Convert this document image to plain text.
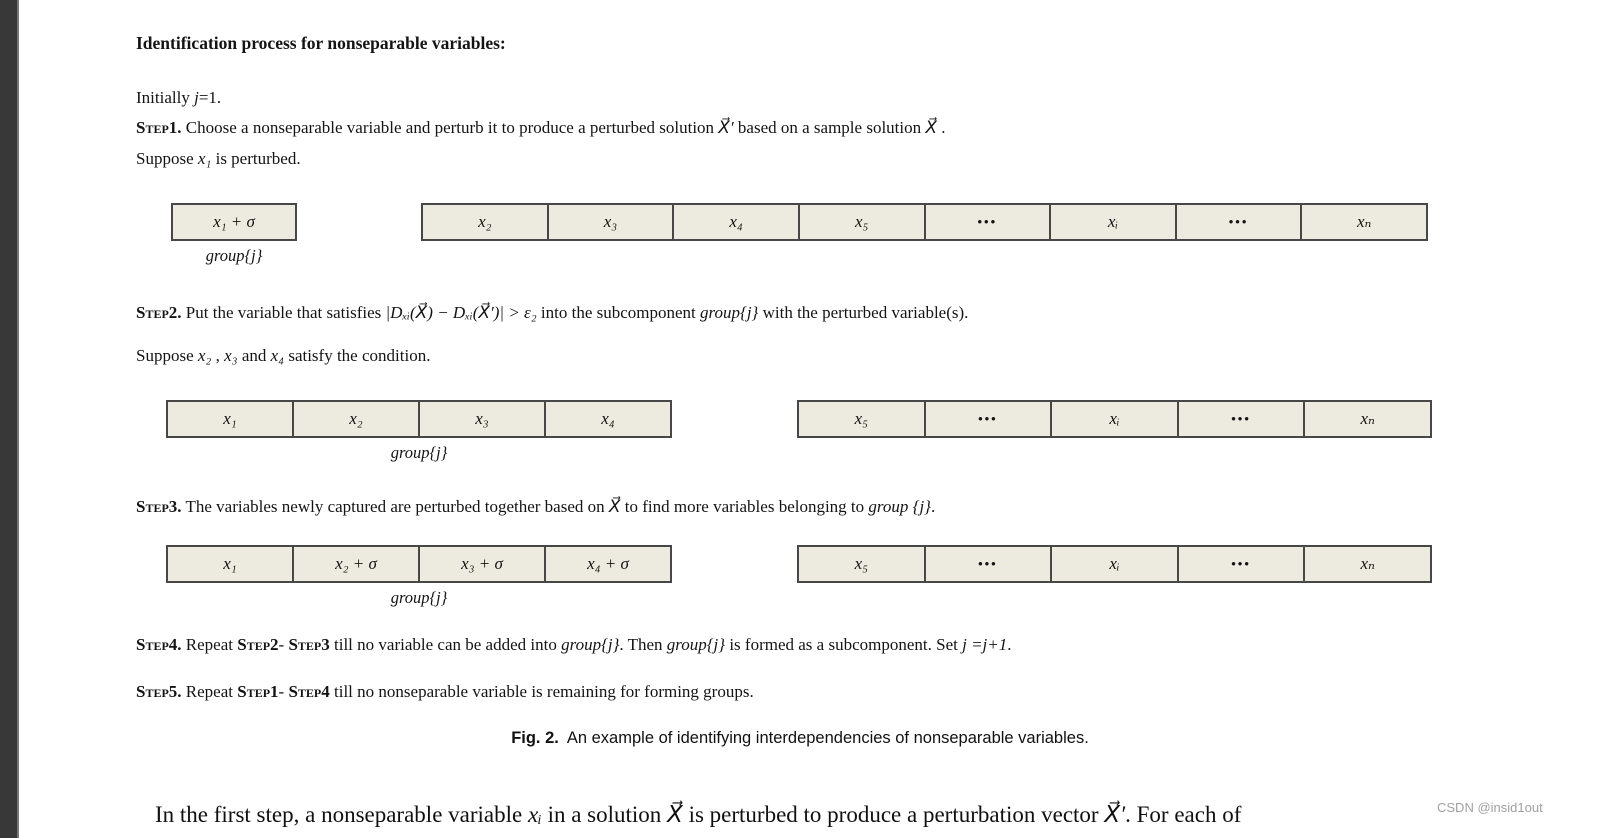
Identification process for nonseparable variables:
Initially j=1.
Step1. Choose a nonseparable variable and perturb it to produce a perturbed solution X⃗′ based on a sample solution X⃗ .
Suppose x₁ is perturbed.
x₁ + σ
group{j}
x₂	x₃	x₄	x₅	•••	xᵢ	•••	xₙ
Step2. Put the variable that satisfies |Dₓᵢ(X⃗) − Dₓᵢ(X⃗′)| > ε₂ into the subcomponent group{j} with the perturbed variable(s).
Suppose x₂ , x₃ and x₄ satisfy the condition.
x₁	x₂	x₃	x₄
group{j}
x₅	•••	xᵢ	•••	xₙ
Step3. The variables newly captured are perturbed together based on X⃗ to find more variables belonging to group {j}.
x₁	x₂ + σ	x₃ + σ	x₄ + σ
group{j}
x₅	•••	xᵢ	•••	xₙ
Step4. Repeat Step2- Step3 till no variable can be added into group{j}. Then group{j} is formed as a subcomponent. Set j =j+1.
Step5. Repeat Step1- Step4 till no nonseparable variable is remaining for forming groups.
Fig. 2. An example of identifying interdependencies of nonseparable variables.
In the first step, a nonseparable variable xᵢ in a solution X⃗ is perturbed to produce a perturbation vector X⃗′. For each of	CSDN @insid1out
